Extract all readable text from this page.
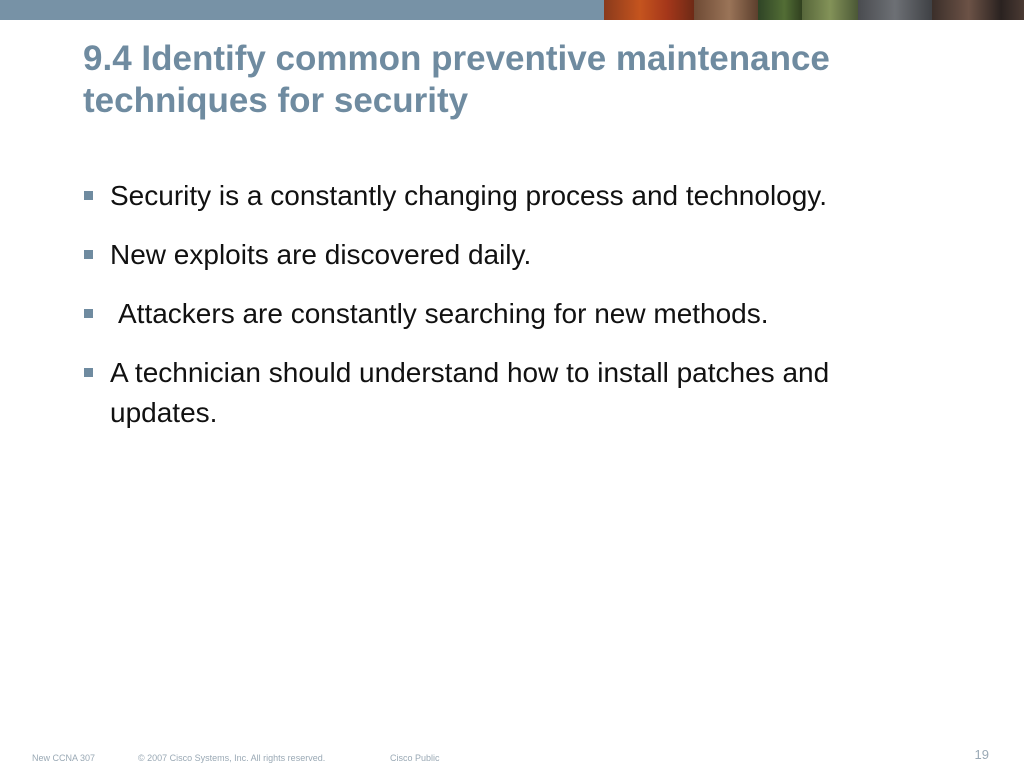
9.4 Identify common preventive maintenance techniques for security
Security is a constantly changing process and technology.
New exploits are discovered daily.
Attackers are constantly searching for new methods.
A technician should understand how to install patches and updates.
New CCNA 307	© 2007 Cisco Systems, Inc. All rights reserved.	Cisco Public	19
